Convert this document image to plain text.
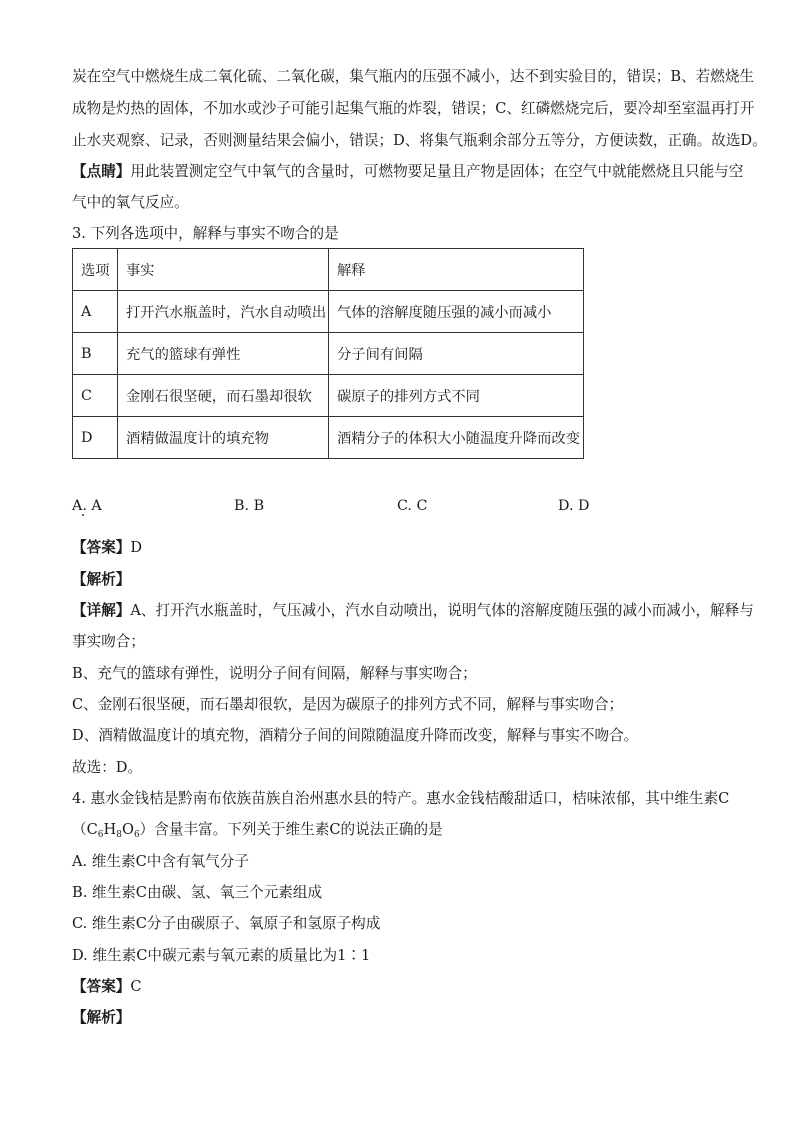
炭在空气中燃烧生成二氧化硫、二氧化碳，集气瓶内的压强不减小，达不到实验目的，错误；B、若燃烧生
成物是灼热的固体，不加水或沙子可能引起集气瓶的炸裂，错误；C、红磷燃烧完后，要冷却至室温再打开
止水夹观察、记录，否则测量结果会偏小，错误；D、将集气瓶剩余部分五等分，方便读数，正确。故选D。
【点睛】用此装置测定空气中氧气的含量时，可燃物要足量且产物是固体；在空气中就能燃烧且只能与空
气中的氧气反应。
3. 下列各选项中，解释与事实不吻合的是
选项	事实	解释
A	打开汽水瓶盖时，汽水自动喷出	气体的溶解度随压强的减小而减小
B	充气的篮球有弹性	分子间有间隔
C	金刚石很坚硬，而石墨却很软	碳原子的排列方式不同
D	酒精做温度计的填充物	酒精分子的体积大小随温度升降而改变
A. A	B. B	C. C	D. D
【答案】D
【解析】
【详解】A、打开汽水瓶盖时，气压减小，汽水自动喷出，说明气体的溶解度随压强的减小而减小，解释与
事实吻合；
B、充气的篮球有弹性，说明分子间有间隔，解释与事实吻合；
C、金刚石很坚硬，而石墨却很软，是因为碳原子的排列方式不同，解释与事实吻合；
D、酒精做温度计的填充物，酒精分子间的间隙随温度升降而改变，解释与事实不吻合。
故选：D。
4. 惠水金钱桔是黔南布依族苗族自治州惠水县的特产。惠水金钱桔酸甜适口，桔味浓郁，其中维生素C
$(C_6H_8O_6)$含量丰富。下列关于维生素C的说法正确的是
A. 维生素C中含有氧气分子
B. 维生素C由碳、氢、氧三个元素组成
C. 维生素C分子由碳原子、氧原子和氢原子构成
D. 维生素C中碳元素与氧元素的质量比为1∶1
【答案】C
【解析】
